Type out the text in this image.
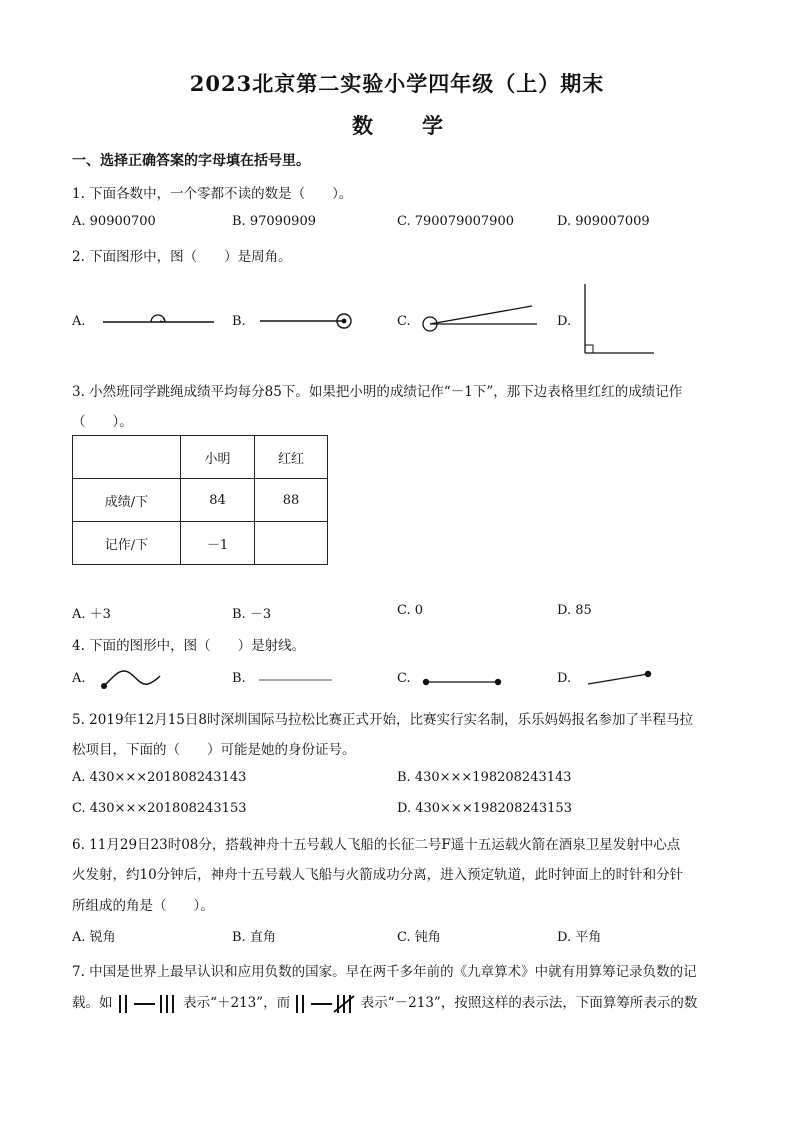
2023北京第二实验小学四年级（上）期末
数 学
一、选择正确答案的字母填在括号里。
1. 下面各数中，一个零都不读的数是（　　）。
A. 90900700	B. 97090909	C. 790079007900	D. 909007009
2. 下面图形中，图（　　）是周角。
A.	B.	C.	D.
3. 小然班同学跳绳成绩平均每分85下。如果把小明的成绩记作“－1下”，那下边表格里红红的成绩记作
（　　）。
	小明	红红
成绩/下	84	88
记作/下	－1	
A. ＋3	B. －3	C. 0	D. 85
4. 下面的图形中，图（　　）是射线。
A.	B.	C.	D.
5. 2019年12月15日8时深圳国际马拉松比赛正式开始，比赛实行实名制，乐乐妈妈报名参加了半程马拉
松项目，下面的（　　）可能是她的身份证号。
A. 430×××201808243143	B. 430×××198208243143
C. 430×××201808243153	D. 430×××198208243153
6. 11月29日23时08分，搭载神舟十五号载人飞船的长征二号F遥十五运载火箭在酒泉卫星发射中心点
火发射，约10分钟后，神舟十五号载人飞船与火箭成功分离，进入预定轨道，此时钟面上的时针和分针
所组成的角是（　　）。
A. 锐角	B. 直角	C. 钝角	D. 平角
7. 中国是世界上最早认识和应用负数的国家。早在两千多年前的《九章算术》中就有用算筹记录负数的记
载。如	表示“＋213”，而	表示“－213”，按照这样的表示法，下面算筹所表示的数
